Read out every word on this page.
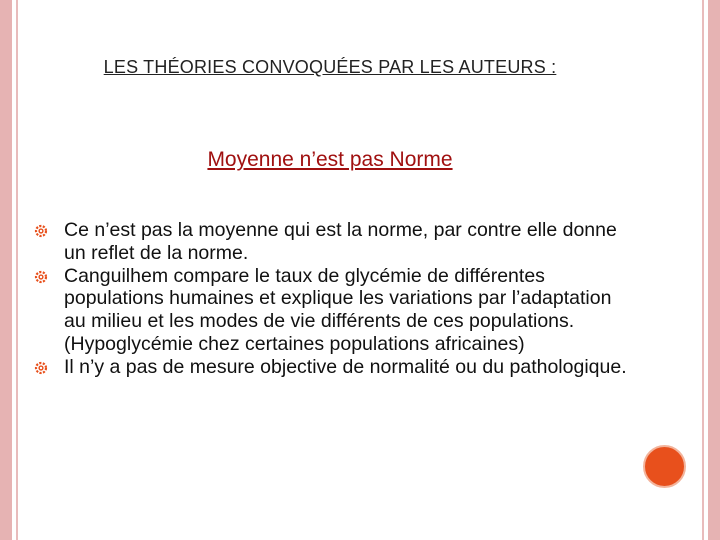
LES THÉORIES CONVOQUÉES PAR LES AUTEURS :
Moyenne n’est pas Norme
Ce n’est pas la moyenne qui est la norme, par contre elle donne un reflet de la norme.
Canguilhem compare le taux de glycémie de différentes populations humaines et explique les variations par l’adaptation au milieu et les modes de vie différents de ces populations. (Hypoglycémie chez certaines populations africaines)
Il n’y a pas de mesure objective de normalité ou du pathologique.
